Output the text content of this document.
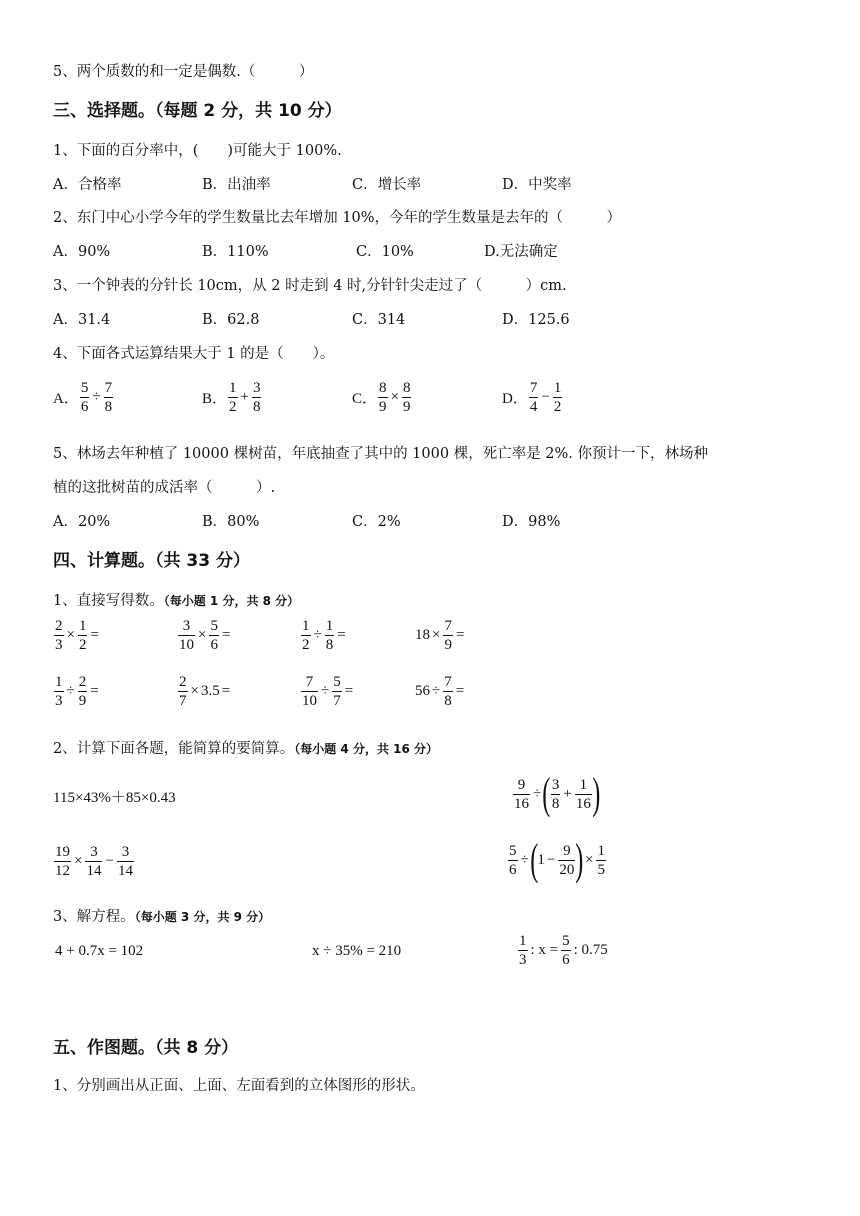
5、两个质数的和一定是偶数.（　　　）
三、选择题。（每题 2 分，共 10 分）
1、下面的百分率中，(　　)可能大于 100%.
A．合格率	B．出油率	C．增长率	D．中奖率
2、东门中心小学今年的学生数量比去年增加 10%，今年的学生数量是去年的（　　　）
A．90%	B．110%	C．10%	D.无法确定
3、一个钟表的分针长 10cm，从 2 时走到 4 时,分针针尖走过了（　　　）cm.
A．31.4	B．62.8	C．314	D．125.6
4、下面各式运算结果大于 1 的是（　　）。
A． $\frac{5}{6} \div \frac{7}{8}$	B． $\frac{1}{2} + \frac{3}{8}$	C． $\frac{8}{9} \times \frac{8}{9}$	D． $\frac{7}{4} - \frac{1}{2}$
5、林场去年种植了 10000 棵树苗，年底抽查了其中的 1000 棵，死亡率是 2%. 你预计一下，林场种
植的这批树苗的成活率（　　　）.
A．20%	B．80%	C．2%	D．98%
四、计算题。（共 33 分）
1、直接写得数。（每小题 1 分，共 8 分）
$\frac{2}{3} \times \frac{1}{2}$ =	$\frac{3}{10} \times \frac{5}{6}$ =	$\frac{1}{2} \div \frac{1}{8}$ =	$18 \times \frac{7}{9}$ =
$\frac{1}{3} \div \frac{2}{9}$ =	$\frac{2}{7} \times 3.5$ =	$\frac{7}{10} \div \frac{5}{7}$ =	$56 \div \frac{7}{8}$ =
2、计算下面各题，能简算的要简算。（每小题 4 分，共 16 分）
115×43%＋85×0.43	$\frac{9}{16}$ ÷ ( $\frac{3}{8} + \frac{1}{16}$ )
$\frac{19}{12} \times \frac{3}{14} - \frac{3}{14}$	$\frac{5}{6}$ ÷ ( $1 - \frac{9}{20}$ ) × $\frac{1}{5}$
3、解方程。（每小题 3 分，共 9 分）
4 + 0.7x = 102	x ÷ 35% = 210	$\frac{1}{3}$ : $x = \frac{5}{6}$ : 0.75
五、作图题。（共 8 分）
1、分别画出从正面、上面、左面看到的立体图形的形状。
